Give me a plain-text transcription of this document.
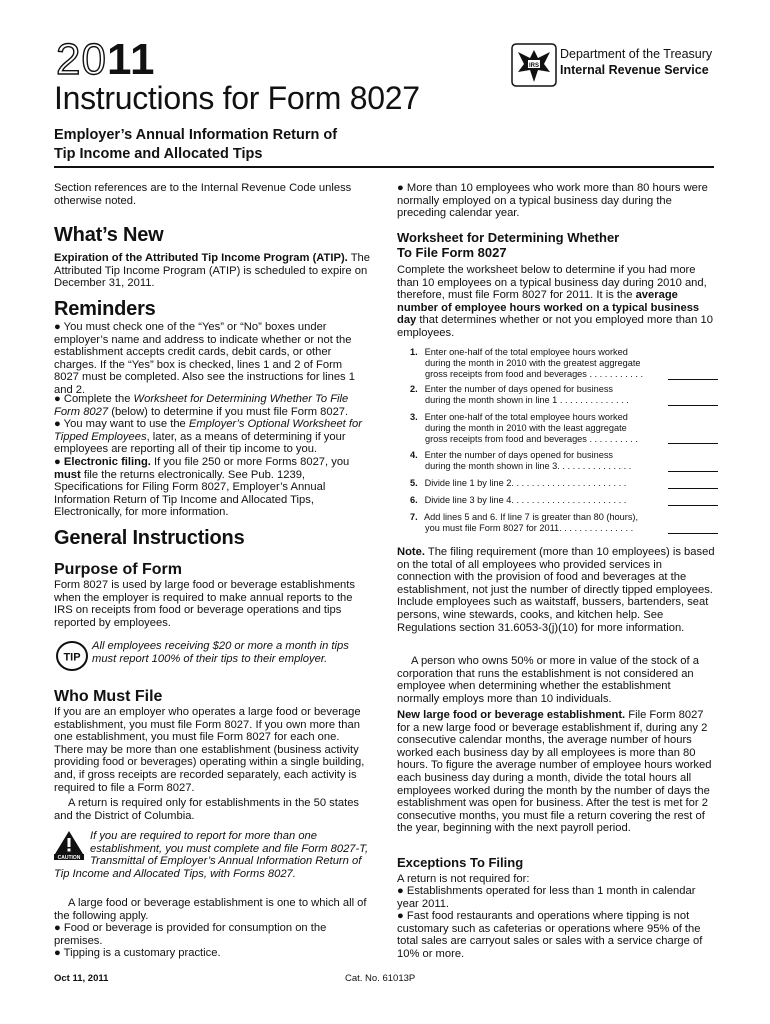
2011	IRS
Department of the Treasury
Internal Revenue Service
Instructions for Form 8027
Employer’s Annual Information Return of
Tip Income and Allocated Tips

Section references are to the Internal Revenue Code unless otherwise noted.

What’s New

Expiration of the Attributed Tip Income Program (ATIP). The Attributed Tip Income Program (ATIP) is scheduled to expire on December 31, 2011.

Reminders

● You must check one of the “Yes” or “No” boxes under employer’s name and address to indicate whether or not the establishment accepts credit cards, debit cards, or other charges. If the “Yes” box is checked, lines 1 and 2 of Form 8027 must be completed. Also see the instructions for lines 1 and 2.

● Complete the Worksheet for Determining Whether To File Form 8027 (below) to determine if you must file Form 8027.

● You may want to use the Employer’s Optional Worksheet for Tipped Employees, later, as a means of determining if your employees are reporting all of their tip income to you.

● Electronic filing. If you file 250 or more Forms 8027, you must file the returns electronically. See Pub. 1239, Specifications for Filing Form 8027, Employer’s Annual Information Return of Tip Income and Allocated Tips, Electronically, for more information.

General Instructions
Purpose of Form

Form 8027 is used by large food or beverage establishments when the employer is required to make annual reports to the IRS on receipts from food or beverage operations and tips reported by employees.

TIP

All employees receiving $20 or more a month in tips must report 100% of their tips to their employer.

Who Must File

If you are an employer who operates a large food or beverage establishment, you must file Form 8027. If you own more than one establishment, you must file Form 8027 for each one. There may be more than one establishment (business activity providing food or beverages) operating within a single building, and, if gross receipts are recorded separately, each activity is required to file a Form 8027.

A return is required only for establishments in the 50 states and the District of Columbia.

CAUTION
If you are required to report for more than one establishment, you must complete and file Form 8027-T, Transmittal of Employer’s Annual Information Return of Tip Income and Allocated Tips, with Forms 8027.

A large food or beverage establishment is one to which all of the following apply.

● Food or beverage is provided for consumption on the premises.

● Tipping is a customary practice.

● More than 10 employees who work more than 80 hours were normally employed on a typical business day during the preceding calendar year.

Worksheet for Determining Whether
To File Form 8027

Complete the worksheet below to determine if you had more than 10 employees on a typical business day during 2010 and, therefore, must file Form 8027 for 2011. It is the average number of employee hours worked on a typical business day that determines whether or not you employed more than 10 employees.

1. Enter one-half of the total employee hours worked
during the month in 2010 with the greatest aggregate
gross receipts from food and beverages . . . . . . . . . . .
2. Enter the number of days opened for business
during the month shown in line 1 . . . . . . . . . . . . . .
3. Enter one-half of the total employee hours worked
during the month in 2010 with the least aggregate
gross receipts from food and beverages . . . . . . . . . .
4. Enter the number of days opened for business
during the month shown in line 3. . . . . . . . . . . . . . .
5. Divide line 1 by line 2. . . . . . . . . . . . . . . . . . . . . . .
6. Divide line 3 by line 4. . . . . . . . . . . . . . . . . . . . . . .
7. Add lines 5 and 6. If line 7 is greater than 80 (hours),
you must file Form 8027 for 2011. . . . . . . . . . . . . . .

Note. The filing requirement (more than 10 employees) is based on the total of all employees who provided services in connection with the provision of food and beverages at the establishment, not just the number of directly tipped employees. Include employees such as waitstaff, bussers, bartenders, seat persons, wine stewards, cooks, and kitchen help. See Regulations section 31.6053-3(j)(10) for more information.

A person who owns 50% or more in value of the stock of a corporation that runs the establishment is not considered an employee when determining whether the establishment normally employs more than 10 individuals.

New large food or beverage establishment. File Form 8027 for a new large food or beverage establishment if, during any 2 consecutive calendar months, the average number of hours worked each business day by all employees is more than 80 hours. To figure the average number of employee hours worked each business day during a month, divide the total hours all employees worked during the month by the number of days the establishment was open for business. After the test is met for 2 consecutive months, you must file a return covering the rest of the year, beginning with the next payroll period.

Exceptions To Filing

A return is not required for:

● Establishments operated for less than 1 month in calendar year 2011.

● Fast food restaurants and operations where tipping is not customary such as cafeterias or operations where 95% of the total sales are carryout sales or sales with a service charge of 10% or more.

Oct 11, 2011	Cat. No. 61013P
